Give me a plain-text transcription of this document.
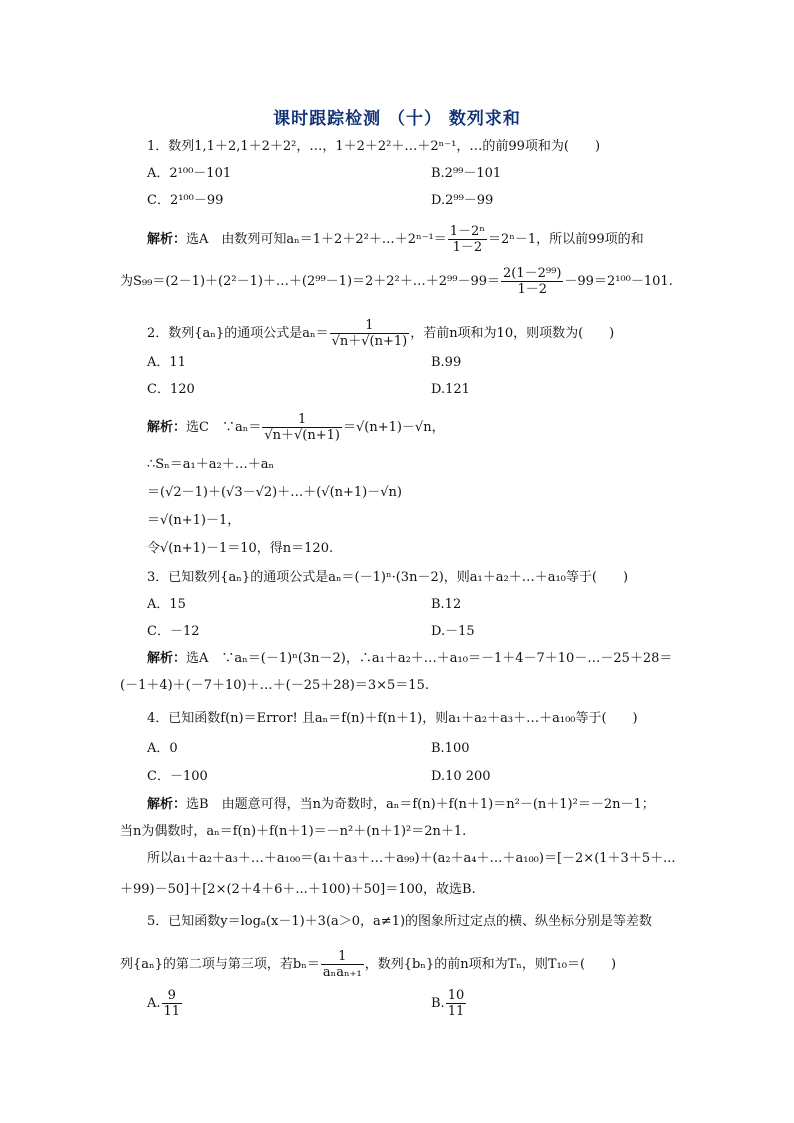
课时跟踪检测 （十） 数列求和
1．数列1,1＋2,1＋2＋2²，…，1＋2＋2²＋…＋2ⁿ⁻¹，…的前99项和为(　　)
A．2¹⁰⁰－101	B.2⁹⁹－101
C．2¹⁰⁰－99	D.2⁹⁹－99
解析：选A　由数列可知aₙ＝1＋2＋2²＋…＋2ⁿ⁻¹＝ $\frac{\text{1－2ⁿ}}{1-2} =2^n-1$，所以前99项的和
为S₉₉＝(2－1)＋(2²－1)＋…＋(2⁹⁹－1)＝2＋2²＋…＋2⁹⁹－99＝ $\frac{\text{2(1－2⁹⁹)}}{1-2} -99=2^{100}-101$.
2．数列{aₙ}的通项公式是$a_n= \frac{1}{√n+√(n+1)}$ ，若前n项和为10，则项数为(　　)
A．11	B.99
C．120	D.121
解析：选C　∵aₙ＝ $\frac{1}{√n+√(n+1)} =√(n+1)-√n$，
∴Sₙ＝a₁＋a₂＋…＋aₙ
＝(√2－1)＋(√3－√2)＋…＋(√(n+1)－√n)
＝√(n+1)－1，
令√(n+1)－1＝10，得n＝120.
3．已知数列{aₙ}的通项公式是aₙ＝(－1)ⁿ·(3n－2)，则a₁＋a₂＋…＋a₁₀等于(　　)
A．15	B.12
C．－12	D.－15
解析：选A　∵aₙ＝(－1)ⁿ(3n－2)，∴a₁＋a₂＋…＋a₁₀＝－1＋4－7＋10－…－25＋28＝
(－1＋4)＋(－7＋10)＋…＋(－25＋28)＝3×5＝15.
4．已知函数f(n)＝Error! 且aₙ＝f(n)＋f(n＋1)，则a₁＋a₂＋a₃＋…＋a₁₀₀等于(　　)
A．0	B.100
C．－100	D.10 200
解析：选B　由题意可得，当n为奇数时，aₙ＝f(n)＋f(n＋1)＝n²－(n＋1)²＝－2n－1；
当n为偶数时，aₙ＝f(n)＋f(n＋1)＝－n²＋(n＋1)²＝2n＋1.
所以a₁＋a₂＋a₃＋…＋a₁₀₀＝(a₁＋a₃＋…＋a₉₉)＋(a₂＋a₄＋…＋a₁₀₀)＝[－2×(1＋3＋5＋...
＋99)－50]＋[2×(2＋4＋6＋...＋100)＋50]＝100，故选B.
5．已知函数y＝logₐ(x－1)＋3(a＞0，a≠1)的图象所过定点的横、纵坐标分别是等差数
列{aₙ}的第二项与第三项，若$b_n= \frac{1}{\text{aₙaₙ₊₁}}$ ，数列{bₙ}的前n项和为Tₙ，则T₁₀＝(　　)
A. $\frac{9}{11}$	B. $\frac{10}{11}$
